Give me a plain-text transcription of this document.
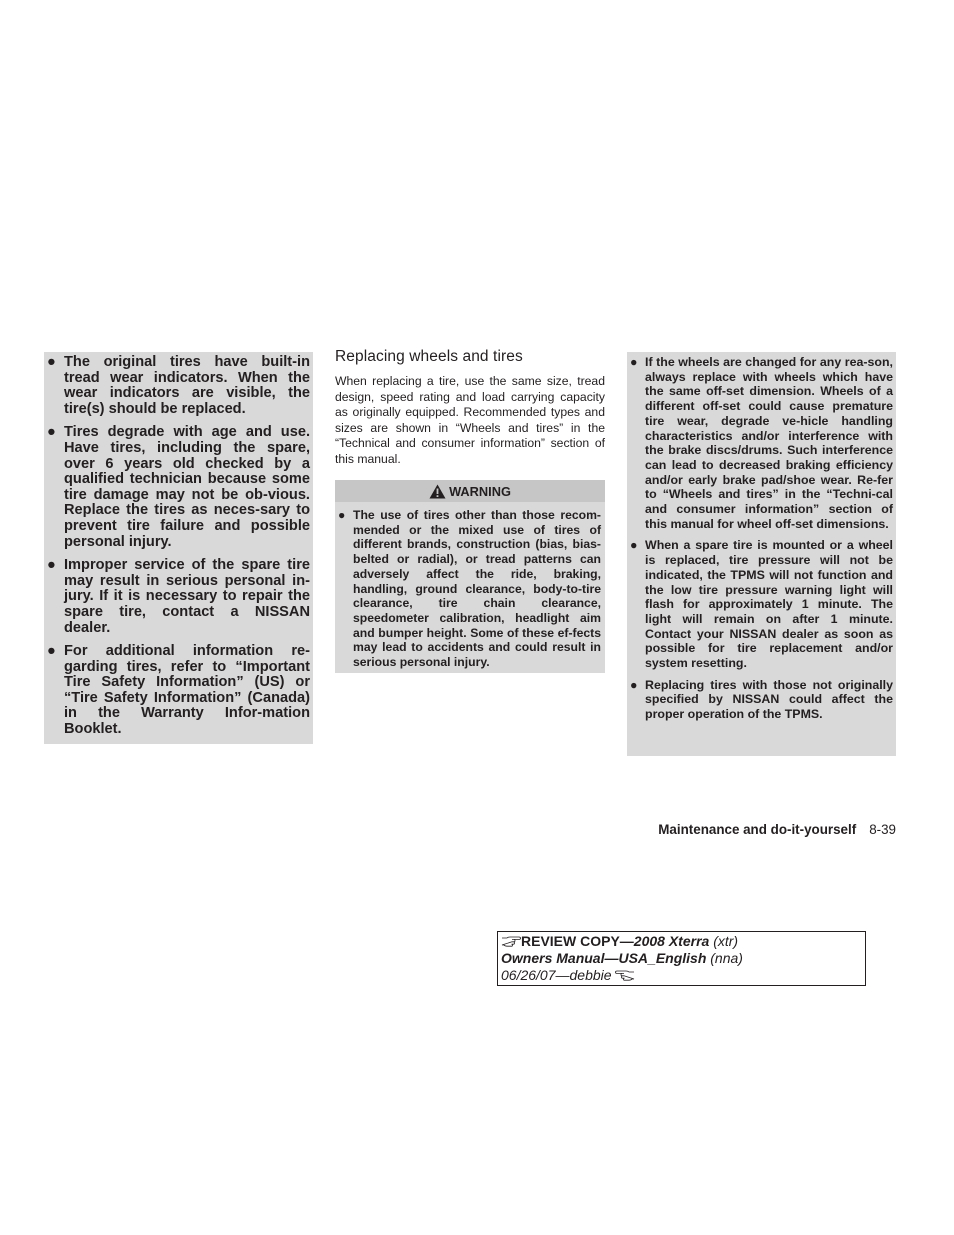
● The original tires have built-in tread wear indicators. When the wear indicators are visible, the tire(s) should be replaced.
● Tires degrade with age and use. Have tires, including the spare, over 6 years old checked by a qualified technician because some tire damage may not be ob-vious. Replace the tires as neces-sary to prevent tire failure and possible personal injury.
● Improper service of the spare tire may result in serious personal in-jury. If it is necessary to repair the spare tire, contact a NISSAN dealer.
● For additional information re-garding tires, refer to “Important Tire Safety Information” (US) or “Tire Safety Information” (Canada) in the Warranty Infor-mation Booklet.
Replacing wheels and tires

When replacing a tire, use the same size, tread design, speed rating and load carrying capacity as originally equipped. Recommended types and sizes are shown in “Wheels and tires” in the “Technical and consumer information” section of this manual.

WARNING
● The use of tires other than those recom-mended or the mixed use of tires of different brands, construction (bias, bias-belted or radial), or tread patterns can adversely affect the ride, braking, handling, ground clearance, body-to-tire clearance, tire chain clearance, speedometer calibration, headlight aim and bumper height. Some of these ef-fects may lead to accidents and could result in serious personal injury.
● If the wheels are changed for any rea-son, always replace with wheels which have the same off-set dimension. Wheels of a different off-set could cause premature tire wear, degrade ve-hicle handling characteristics and/or interference with the brake discs/drums. Such interference can lead to decreased braking efficiency and/or early brake pad/shoe wear. Re-fer to “Wheels and tires” in the “Techni-cal and consumer information” section of this manual for wheel off-set dimensions.
● When a spare tire is mounted or a wheel is replaced, tire pressure will not be indicated, the TPMS will not function and the low tire pressure warning light will flash for approximately 1 minute. The light will remain on after 1 minute. Contact your NISSAN dealer as soon as possible for tire replacement and/or system resetting.
● Replacing tires with those not originally specified by NISSAN could affect the proper operation of the TPMS.
Maintenance and do-it-yourself 8-39
REVIEW COPY—2008 Xterra (xtr)
Owners Manual—USA_English (nna)
06/26/07—debbie
